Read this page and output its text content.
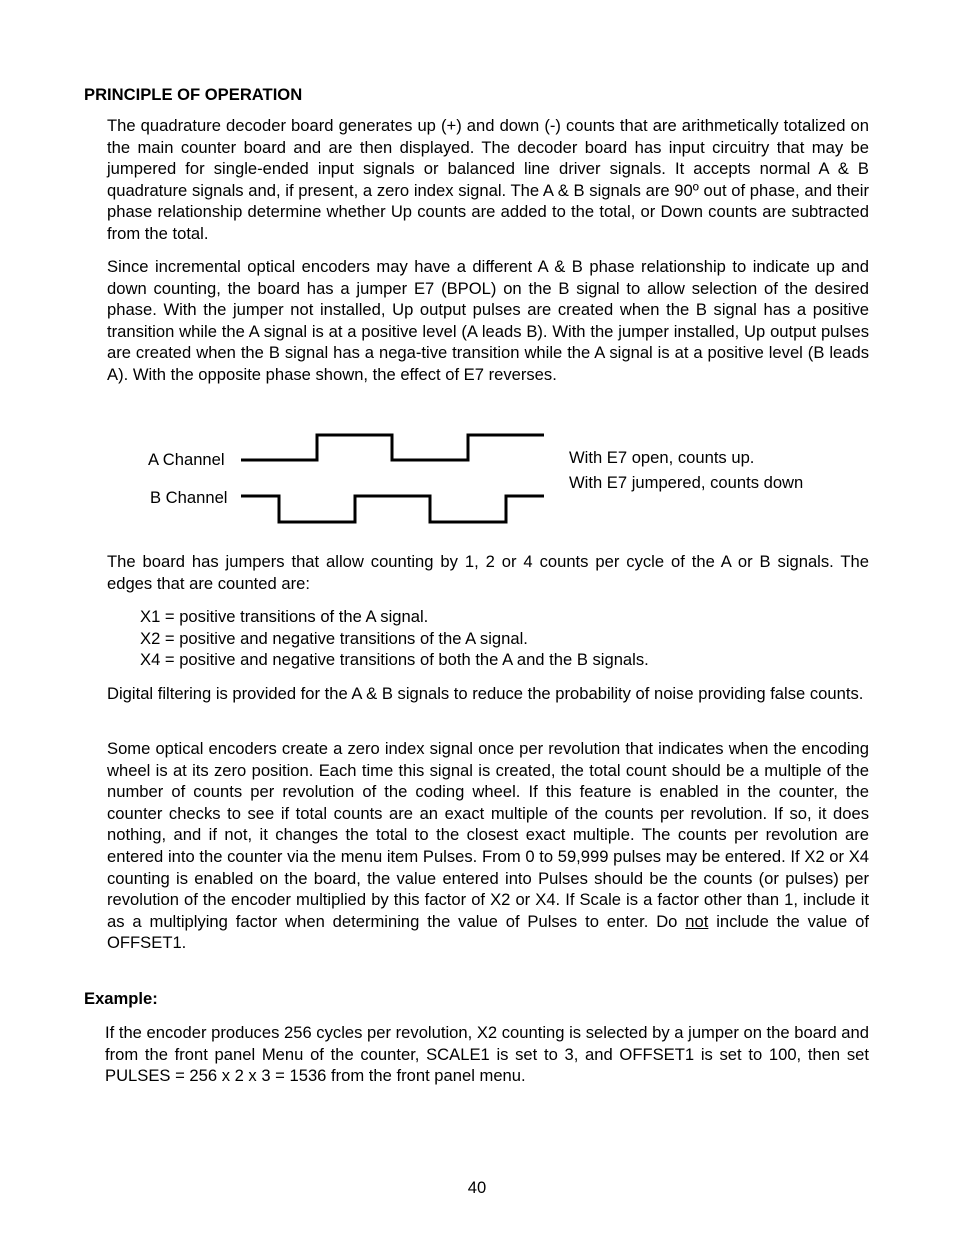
PRINCIPLE OF OPERATION

The quadrature decoder board generates up (+) and down (-) counts that are arithmetically totalized on the main counter board and are then displayed. The decoder board has input circuitry that may be jumpered for single-ended input signals or balanced line driver signals. It accepts normal A & B quadrature signals and, if present, a zero index signal. The A & B signals are 90º out of phase, and their phase relationship determine whether Up counts are added to the total, or Down counts are subtracted from the total.

Since incremental optical encoders may have a different A & B phase relationship to indicate up and down counting, the board has a jumper E7 (BPOL) on the B signal to allow selection of the desired phase. With the jumper not installed, Up output pulses are created when the B signal has a positive transition while the A signal is at a positive level (A leads B). With the jumper installed, Up output pulses are created when the B signal has a nega-tive transition while the A signal is at a positive level (B leads A). With the opposite phase shown, the effect of E7 reverses.

A Channel
B Channel
With E7 open, counts up.
With E7 jumpered, counts down

The board has jumpers that allow counting by 1, 2 or 4 counts per cycle of the A or B signals. The edges that are counted are:

X1 = positive transitions of the A signal.
X2 = positive and negative transitions of the A signal.
X4 = positive and negative transitions of both the A and the B signals.

Digital filtering is provided for the A & B signals to reduce the probability of noise providing false counts.

Some optical encoders create a zero index signal once per revolution that indicates when the encoding wheel is at its zero position. Each time this signal is created, the total count should be a multiple of the number of counts per revolution of the coding wheel. If this feature is enabled in the counter, the counter checks to see if total counts are an exact multiple of the counts per revolution. If so, it does nothing, and if not, it changes the total to the closest exact multiple. The counts per revolution are entered into the counter via the menu item Pulses. From 0 to 59,999 pulses may be entered. If X2 or X4 counting is enabled on the board, the value entered into Pulses should be the counts (or pulses) per revolution of the encoder multiplied by this factor of X2 or X4. If Scale is a factor other than 1, include it as a multiplying factor when determining the value of Pulses to enter. Do not include the value of OFFSET1.

Example:

If the encoder produces 256 cycles per revolution, X2 counting is selected by a jumper on the board and from the front panel Menu of the counter, SCALE1 is set to 3, and OFFSET1 is set to 100, then set PULSES = 256 x 2 x 3 = 1536 from the front panel menu.

40
